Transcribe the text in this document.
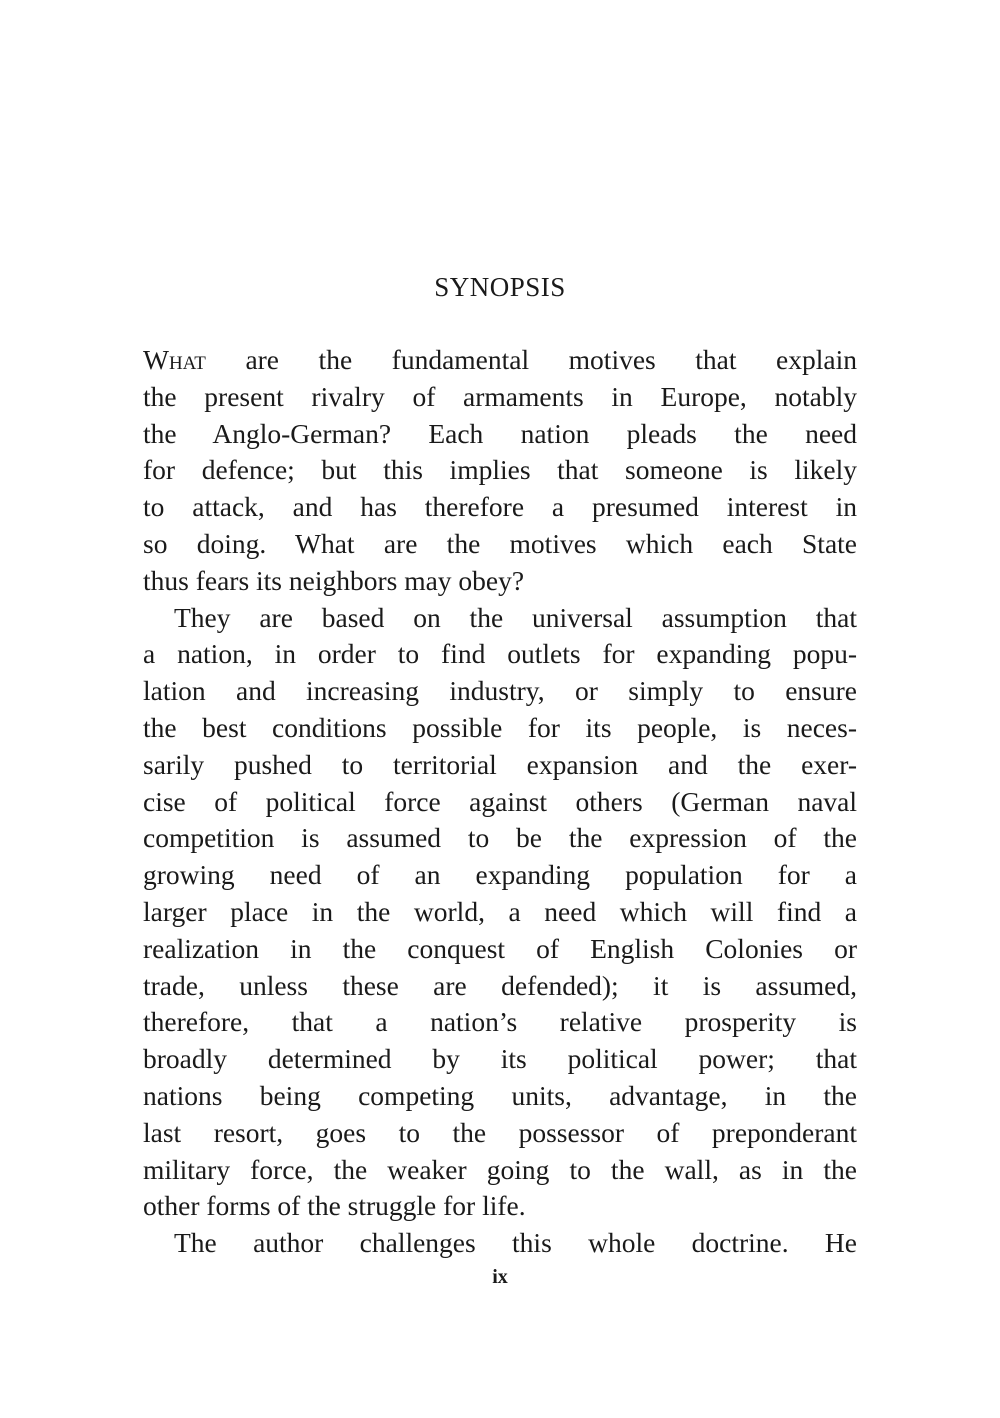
SYNOPSIS
What are the fundamental motives that explain
the present rivalry of armaments in Europe, notably
the Anglo-German? Each nation pleads the need
for defence; but this implies that someone is likely
to attack, and has therefore a presumed interest in
so doing. What are the motives which each State
thus fears its neighbors may obey?
They are based on the universal assumption that
a nation, in order to find outlets for expanding popu-
lation and increasing industry, or simply to ensure
the best conditions possible for its people, is neces-
sarily pushed to territorial expansion and the exer-
cise of political force against others (German naval
competition is assumed to be the expression of the
growing need of an expanding population for a
larger place in the world, a need which will find a
realization in the conquest of English Colonies or
trade, unless these are defended); it is assumed,
therefore, that a nation’s relative prosperity is
broadly determined by its political power; that
nations being competing units, advantage, in the
last resort, goes to the possessor of preponderant
military force, the weaker going to the wall, as in the
other forms of the struggle for life.
The author challenges this whole doctrine. He
ix
